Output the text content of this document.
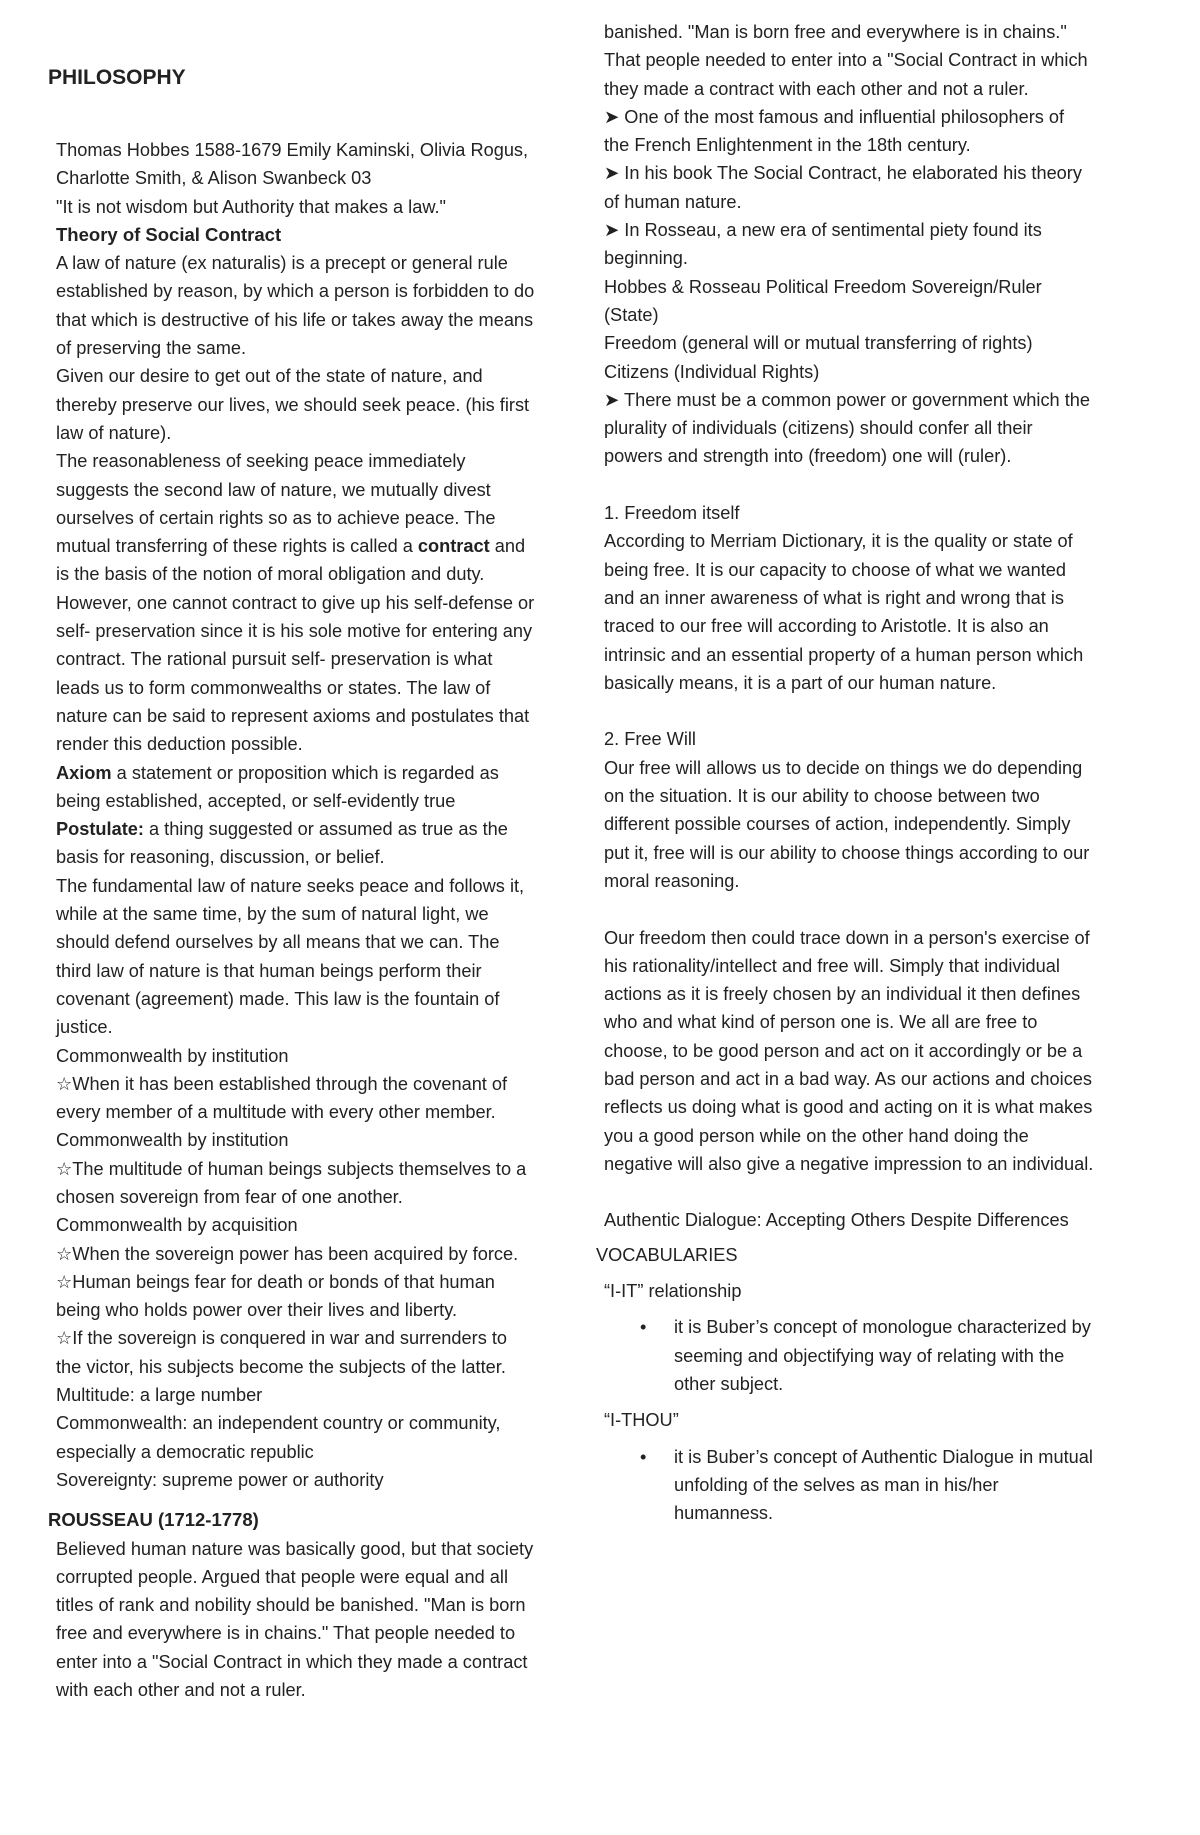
PHILOSOPHY

Thomas Hobbes 1588-1679 Emily Kaminski, Olivia Rogus, Charlotte Smith, & Alison Swanbeck 03

"It is not wisdom but Authority that makes a law."

Theory of Social Contract

A law of nature (ex naturalis) is a precept or general rule established by reason, by which a person is forbidden to do that which is destructive of his life or takes away the means of preserving the same.

Given our desire to get out of the state of nature, and thereby preserve our lives, we should seek peace. (his first law of nature).

The reasonableness of seeking peace immediately suggests the second law of nature, we mutually divest ourselves of certain rights so as to achieve peace. The mutual transferring of these rights is called a contract and is the basis of the notion of moral obligation and duty. However, one cannot contract to give up his self-defense or self- preservation since it is his sole motive for entering any contract. The rational pursuit self- preservation is what leads us to form commonwealths or states. The law of nature can be said to represent axioms and postulates that render this deduction possible.

Axiom a statement or proposition which is regarded as being established, accepted, or self-evidently true

Postulate: a thing suggested or assumed as true as the basis for reasoning, discussion, or belief.

The fundamental law of nature seeks peace and follows it, while at the same time, by the sum of natural light, we should defend ourselves by all means that we can. The third law of nature is that human beings perform their covenant (agreement) made. This law is the fountain of justice.

Commonwealth by institution

☆When it has been established through the covenant of every member of a multitude with every other member.

Commonwealth by institution

☆The multitude of human beings subjects themselves to a chosen sovereign from fear of one another.

Commonwealth by acquisition

☆When the sovereign power has been acquired by force.

☆Human beings fear for death or bonds of that human being who holds power over their lives and liberty.

☆If the sovereign is conquered in war and surrenders to the victor, his subjects become the subjects of the latter.

Multitude: a large number

Commonwealth: an independent country or community, especially a democratic republic

Sovereignty: supreme power or authority

ROUSSEAU (1712-1778)

Believed human nature was basically good, but that society corrupted people. Argued that people were equal and all titles of rank and nobility should be banished. "Man is born free and everywhere is in chains." That people needed to enter into a "Social Contract in which they made a contract with each other and not a ruler.

banished. "Man is born free and everywhere is in chains." That people needed to enter into a "Social Contract in which they made a contract with each other and not a ruler.

➤ One of the most famous and influential philosophers of the French Enlightenment in the 18th century.

➤ In his book The Social Contract, he elaborated his theory of human nature.

➤ In Rosseau, a new era of sentimental piety found its beginning.

Hobbes & Rosseau Political Freedom Sovereign/Ruler (State)

Freedom (general will or mutual transferring of rights)

Citizens (Individual Rights)

➤ There must be a common power or government which the plurality of individuals (citizens) should confer all their powers and strength into (freedom) one will (ruler).

1. Freedom itself

According to Merriam Dictionary, it is the quality or state of being free. It is our capacity to choose of what we wanted and an inner awareness of what is right and wrong that is traced to our free will according to Aristotle. It is also an intrinsic and an essential property of a human person which basically means, it is a part of our human nature.

2. Free Will

Our free will allows us to decide on things we do depending on the situation. It is our ability to choose between two different possible courses of action, independently. Simply put it, free will is our ability to choose things according to our moral reasoning.

Our freedom then could trace down in a person's exercise of his rationality/intellect and free will. Simply that individual actions as it is freely chosen by an individual it then defines who and what kind of person one is. We all are free to choose, to be good person and act on it accordingly or be a bad person and act in a bad way. As our actions and choices reflects us doing what is good and acting on it is what makes you a good person while on the other hand doing the negative will also give a negative impression to an individual.

Authentic Dialogue: Accepting Others Despite Differences

VOCABULARIES

“I-IT” relationship

• it is Buber’s concept of monologue characterized by seeming and objectifying way of relating with the other subject.

“I-THOU”

• it is Buber’s concept of Authentic Dialogue in mutual unfolding of the selves as man in his/her humanness.
